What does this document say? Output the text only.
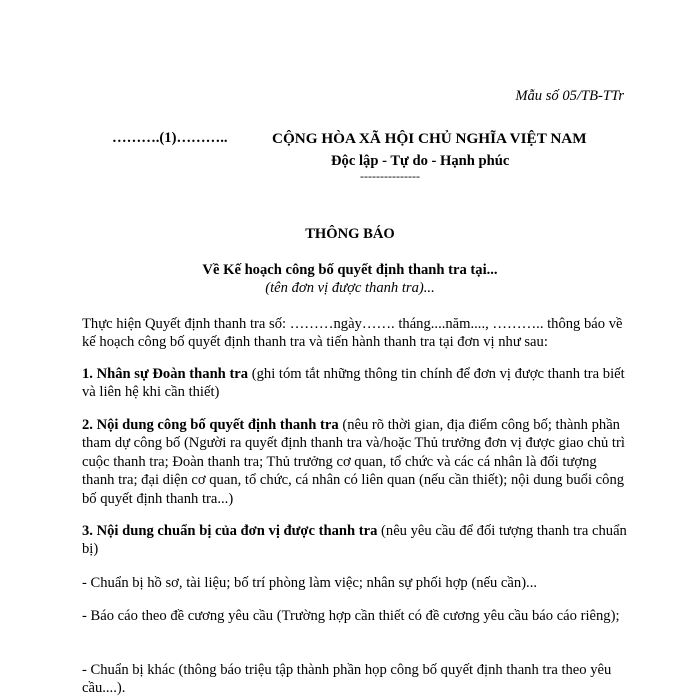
Mẫu số 05/TB-TTr
……….(1)………..	CỘNG HÒA XÃ HỘI CHỦ NGHĨA VIỆT NAM
Độc lập - Tự do - Hạnh phúc
---------------
THÔNG BÁO
Về Kế hoạch công bố quyết định thanh tra tại...
(tên đơn vị được thanh tra)...
Thực hiện Quyết định thanh tra số: ………ngày……. tháng....năm...., ……….. thông báo về kế hoạch công bố quyết định thanh tra và tiến hành thanh tra tại đơn vị như sau:
1. Nhân sự Đoàn thanh tra (ghi tóm tắt những thông tin chính để đơn vị được thanh tra biết và liên hệ khi cần thiết)
2. Nội dung công bố quyết định thanh tra (nêu rõ thời gian, địa điểm công bố; thành phần tham dự công bố (Người ra quyết định thanh tra và/hoặc Thủ trưởng đơn vị được giao chủ trì cuộc thanh tra; Đoàn thanh tra; Thủ trưởng cơ quan, tổ chức và các cá nhân là đối tượng thanh tra; đại diện cơ quan, tổ chức, cá nhân có liên quan (nếu cần thiết); nội dung buổi công bố quyết định thanh tra...)
3. Nội dung chuẩn bị của đơn vị được thanh tra (nêu yêu cầu để đối tượng thanh tra chuẩn bị)
- Chuẩn bị hồ sơ, tài liệu; bố trí phòng làm việc; nhân sự phối hợp (nếu cần)...
- Báo cáo theo đề cương yêu cầu (Trường hợp cần thiết có đề cương yêu cầu báo cáo riêng);
- Chuẩn bị khác (thông báo triệu tập thành phần họp công bố quyết định thanh tra theo yêu cầu....).
